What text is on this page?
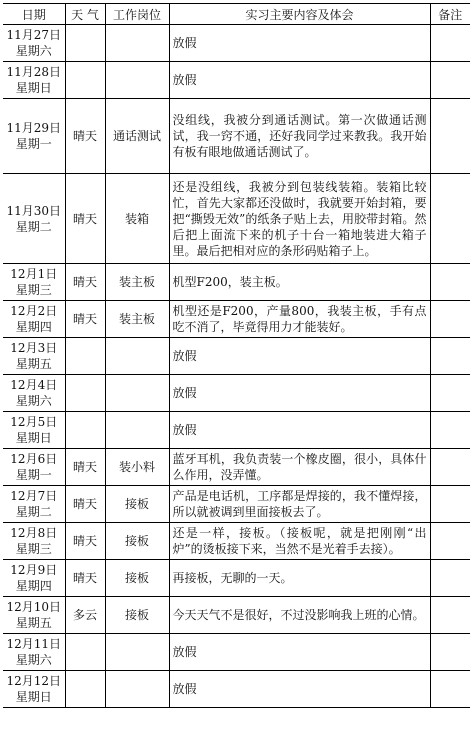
日期	天 气	工作岗位	实习主要内容及体会	备注

11月27日
星期六			放假	

11月28日
星期日			放假	

11月29日
星期一	晴天	通话测试	没组线，我被分到通话测试。第一次做通话测试，我一窍不通，还好我同学过来教我。我开始有板有眼地做通话测试了。	

11月30日
星期二	晴天	装箱	还是没组线，我被分到包装线装箱。装箱比较忙，首先大家都还没做时，我就要开始封箱，要把“撕毁无效”的纸条子贴上去，用胶带封箱。然后把上面流下来的机子十台一箱地装进大箱子里。最后把相对应的条形码贴箱子上。	

12月1日
星期三	晴天	装主板	机型F200，装主板。	

12月2日
星期四	晴天	装主板	机型还是F200，产量800，我装主板，手有点吃不消了，毕竟得用力才能装好。	

12月3日
星期五			放假	

12月4日
星期六			放假	

12月5日
星期日			放假	

12月6日
星期一	晴天	装小料	蓝牙耳机，我负责装一个橡皮圈，很小，具体什么作用，没弄懂。	

12月7日
星期二	晴天	接板	产品是电话机，工序都是焊接的，我不懂焊接，所以就被调到里面接板去了。	

12月8日
星期三	晴天	接板	还是一样，接板。（接板呢，就是把刚刚“出炉”的烫板接下来，当然不是光着手去接）。	

12月9日
星期四	晴天	接板	再接板，无聊的一天。	

12月10日
星期五	多云	接板	今天天气不是很好，不过没影响我上班的心情。	

12月11日
星期六			放假	

12月12日
星期日			放假	
